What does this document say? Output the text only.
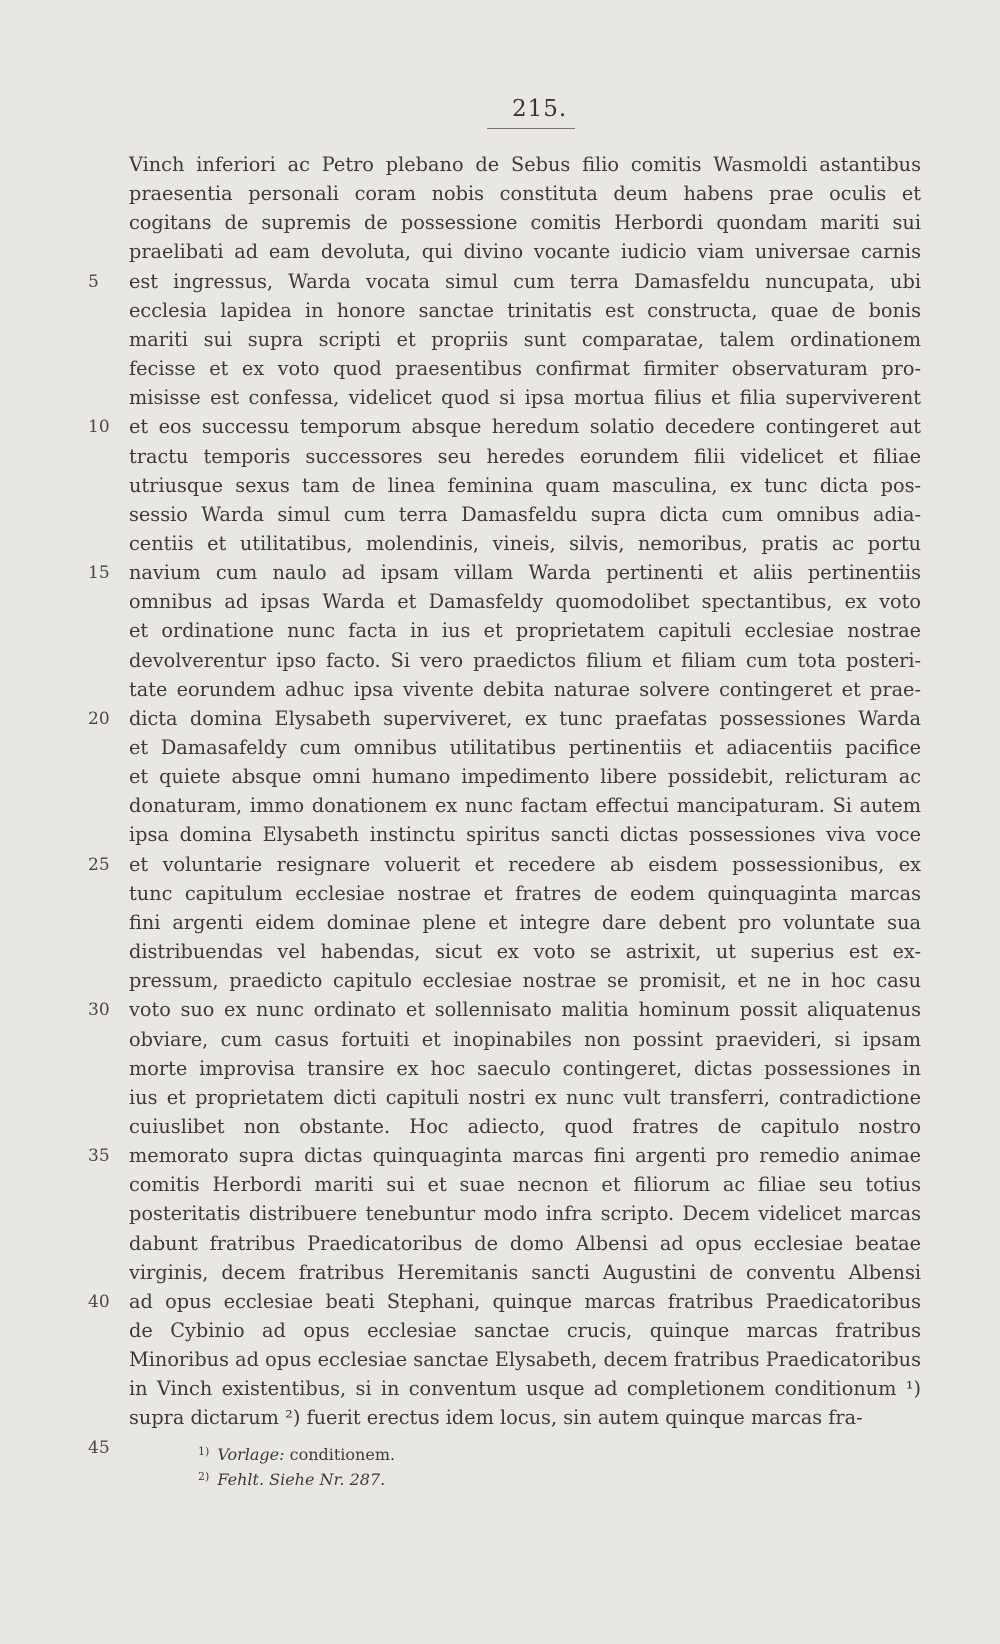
215.
Vinch inferiori ac Petro plebano de Sebus filio comitis Wasmoldi astantibus
praesentia personali coram nobis constituta deum habens prae oculis et
cogitans de supremis de possessione comitis Herbordi quondam mariti sui
praelibati ad eam devoluta, qui divino vocante iudicio viam universae carnis
est ingressus, Warda vocata simul cum terra Damasfeldu nuncupata, ubi
ecclesia lapidea in honore sanctae trinitatis est constructa, quae de bonis
mariti sui supra scripti et propriis sunt comparatae, talem ordinationem
fecisse et ex voto quod praesentibus confirmat firmiter observaturam pro-
misisse est confessa, videlicet quod si ipsa mortua filius et filia superviverent
et eos successu temporum absque heredum solatio decedere contingeret aut
tractu temporis successores seu heredes eorundem filii videlicet et filiae
utriusque sexus tam de linea feminina quam masculina, ex tunc dicta pos-
sessio Warda simul cum terra Damasfeldu supra dicta cum omnibus adia-
centiis et utilitatibus, molendinis, vineis, silvis, nemoribus, pratis ac portu
navium cum naulo ad ipsam villam Warda pertinenti et aliis pertinentiis
omnibus ad ipsas Warda et Damasfeldy quomodolibet spectantibus, ex voto
et ordinatione nunc facta in ius et proprietatem capituli ecclesiae nostrae
devolverentur ipso facto. Si vero praedictos filium et filiam cum tota posteri-
tate eorundem adhuc ipsa vivente debita naturae solvere contingeret et prae-
dicta domina Elysabeth superviveret, ex tunc praefatas possessiones Warda
et Damasafeldy cum omnibus utilitatibus pertinentiis et adiacentiis pacifice
et quiete absque omni humano impedimento libere possidebit, relicturam ac
donaturam, immo donationem ex nunc factam effectui mancipaturam. Si autem
ipsa domina Elysabeth instinctu spiritus sancti dictas possessiones viva voce
et voluntarie resignare voluerit et recedere ab eisdem possessionibus, ex
tunc capitulum ecclesiae nostrae et fratres de eodem quinquaginta marcas
fini argenti eidem dominae plene et integre dare debent pro voluntate sua
distribuendas vel habendas, sicut ex voto se astrixit, ut superius est ex-
pressum, praedicto capitulo ecclesiae nostrae se promisit, et ne in hoc casu
voto suo ex nunc ordinato et sollennisato malitia hominum possit aliquatenus
obviare, cum casus fortuiti et inopinabiles non possint praevideri, si ipsam
morte improvisa transire ex hoc saeculo contingeret, dictas possessiones in
ius et proprietatem dicti capituli nostri ex nunc vult transferri, contradictione
cuiuslibet non obstante. Hoc adiecto, quod fratres de capitulo nostro
memorato supra dictas quinquaginta marcas fini argenti pro remedio animae
comitis Herbordi mariti sui et suae necnon et filiorum ac filiae seu totius
posteritatis distribuere tenebuntur modo infra scripto. Decem videlicet marcas
dabunt fratribus Praedicatoribus de domo Albensi ad opus ecclesiae beatae
virginis, decem fratribus Heremitanis sancti Augustini de conventu Albensi
ad opus ecclesiae beati Stephani, quinque marcas fratribus Praedicatoribus
de Cybinio ad opus ecclesiae sanctae crucis, quinque marcas fratribus
Minoribus ad opus ecclesiae sanctae Elysabeth, decem fratribus Praedicatoribus
in Vinch existentibus, si in conventum usque ad completionem conditionum ¹)
supra dictarum ²) fuerit erectus idem locus, sin autem quinque marcas fra-
5
10
15
20
25
30
35
40
45	$^{1)}$ Vorlage: conditionem.
$^{2)}$ Fehlt. Siehe Nr. 287.
